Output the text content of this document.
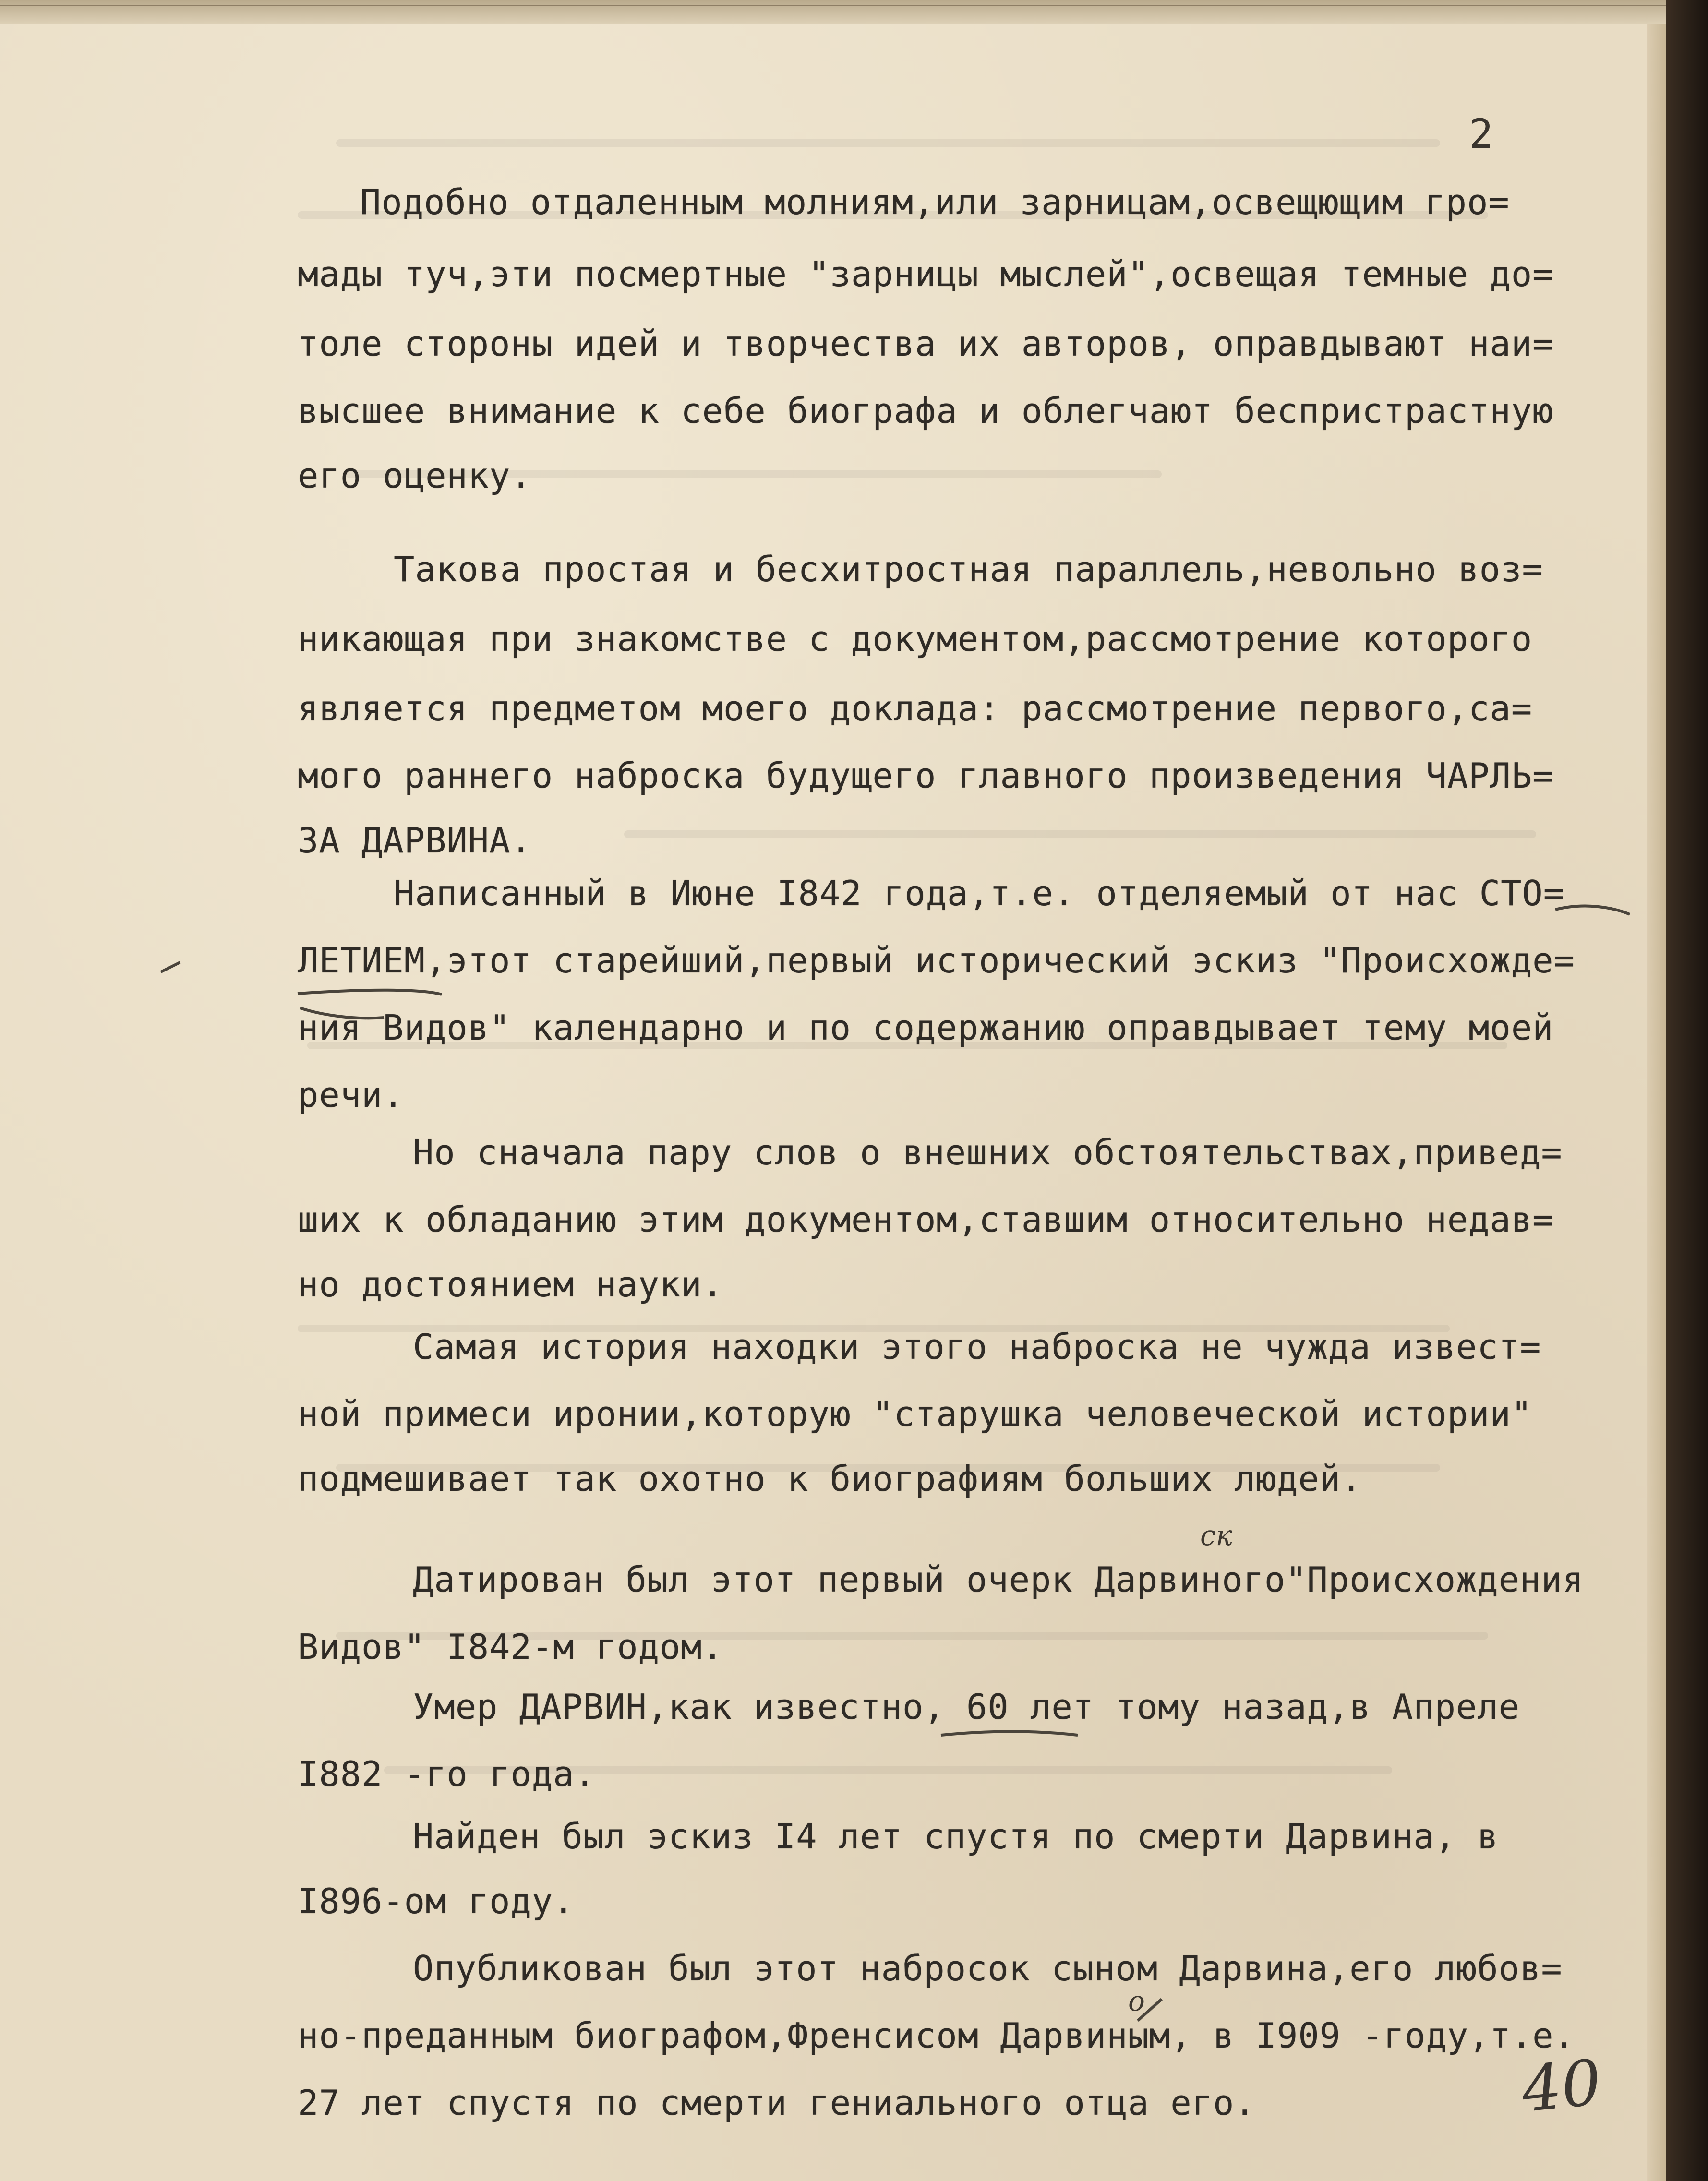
2
Подобно отдаленным молниям,или зарницам,освещющим гро=
мады туч,эти посмертные "зарницы мыслей",освещая темные до=
толе стороны идей и творчества их авторов, оправдывают наи=
высшее внимание к себе биографа и облегчают беспристрастную
его оценку.
Такова простая и бесхитростная параллель,невольно воз=
никающая при знакомстве с документом,рассмотрение которого
является предметом моего доклада: рассмотрение первого,са=
мого раннего наброска будущего главного произведения ЧАРЛЬ=
ЗА ДАРВИНА.
Написанный в Июне I842 года,т.е. отделяемый от нас СТО=
ЛЕТИЕМ,этот старейший,первый исторический эскиз "Происхожде=
ния Видов" календарно и по содержанию оправдывает тему моей
речи.
Но сначала пару слов о внешних обстоятельствах,привед=
ших к обладанию этим документом,ставшим относительно недав=
но достоянием науки.
Самая история находки этого наброска не чужда извест=
ной примеси иронии,которую "старушка человеческой истории"
подмешивает так охотно к биографиям больших людей.
Датирован был этот первый очерк Дарвиного"Происхождения
Видов" I842-м годом.
Умер ДАРВИН,как известно, 60 лет тому назад,в Апреле
I882 -го года.
Найден был эскиз I4 лет спустя по смерти Дарвина, в
I896-ом году.
Опубликован был этот набросок сыном Дарвина,его любов=
но-преданным биографом,Френсисом Дарвиным, в I909 -году,т.е.
27 лет спустя по смерти гениального отца его.
ск
о
40
